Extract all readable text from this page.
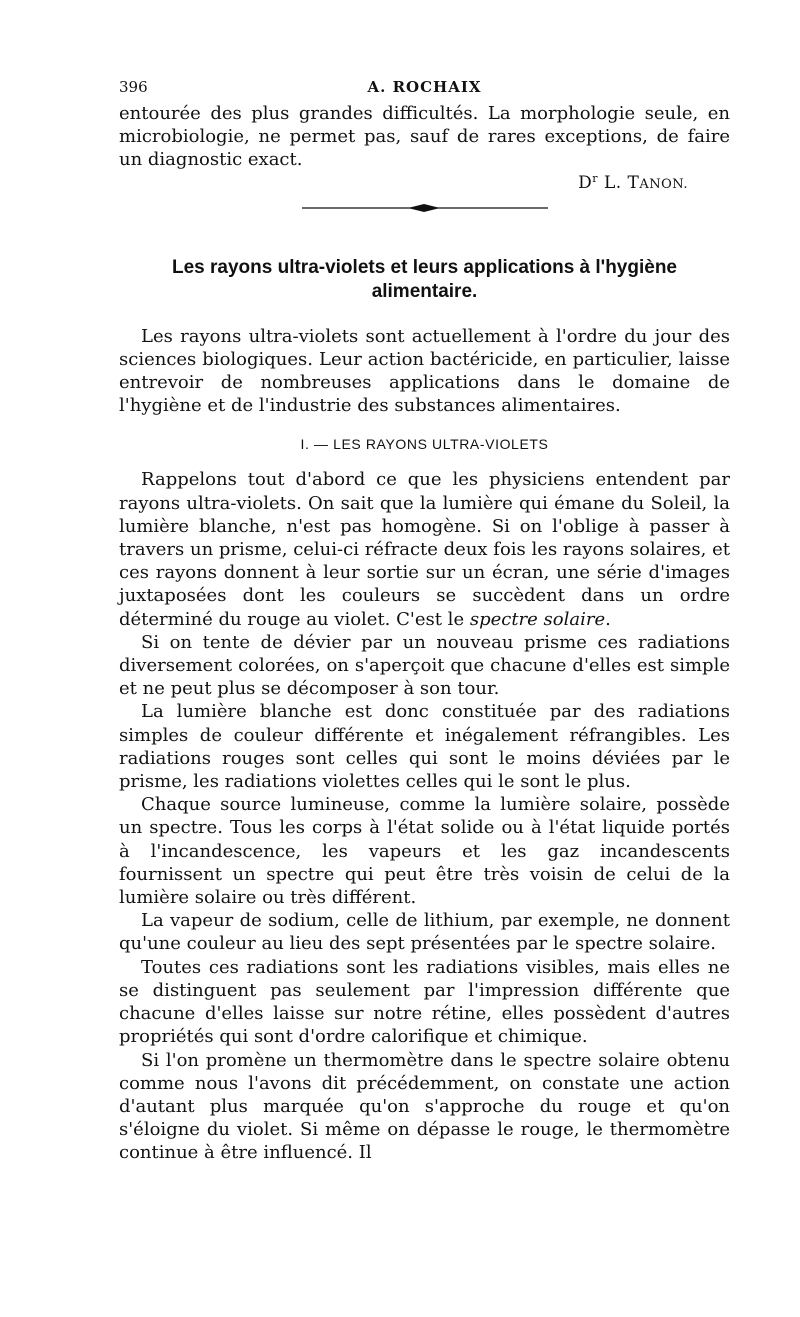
396	A. ROCHAIX

entourée des plus grandes difficultés. La morphologie seule, en microbiologie, ne permet pas, sauf de rares exceptions, de faire un diagnostic exact.

$D^r$ L. TANON.
Les rayons ultra-violets et leurs applications à l'hygiène alimentaire.

Les rayons ultra-violets sont actuellement à l'ordre du jour des sciences biologiques. Leur action bactéricide, en particulier, laisse entrevoir de nombreuses applications dans le domaine de l'hygiène et de l'industrie des substances alimentaires.

I. — LES RAYONS ULTRA-VIOLETS

Rappelons tout d'abord ce que les physiciens entendent par rayons ultra-violets. On sait que la lumière qui émane du Soleil, la lumière blanche, n'est pas homogène. Si on l'oblige à passer à travers un prisme, celui-ci réfracte deux fois les rayons solaires, et ces rayons donnent à leur sortie sur un écran, une série d'images juxtaposées dont les couleurs se succèdent dans un ordre déterminé du rouge au violet. C'est le spectre solaire.

Si on tente de dévier par un nouveau prisme ces radiations diversement colorées, on s'aperçoit que chacune d'elles est simple et ne peut plus se décomposer à son tour.

La lumière blanche est donc constituée par des radiations simples de couleur différente et inégalement réfrangibles. Les radiations rouges sont celles qui sont le moins déviées par le prisme, les radiations violettes celles qui le sont le plus.

Chaque source lumineuse, comme la lumière solaire, possède un spectre. Tous les corps à l'état solide ou à l'état liquide portés à l'incandescence, les vapeurs et les gaz incandescents fournissent un spectre qui peut être très voisin de celui de la lumière solaire ou très différent.

La vapeur de sodium, celle de lithium, par exemple, ne donnent qu'une couleur au lieu des sept présentées par le spectre solaire.

Toutes ces radiations sont les radiations visibles, mais elles ne se distinguent pas seulement par l'impression différente que chacune d'elles laisse sur notre rétine, elles possèdent d'autres propriétés qui sont d'ordre calorifique et chimique.

Si l'on promène un thermomètre dans le spectre solaire obtenu comme nous l'avons dit précédemment, on constate une action d'autant plus marquée qu'on s'approche du rouge et qu'on s'éloigne du violet. Si même on dépasse le rouge, le thermomètre continue à être influencé. Il
